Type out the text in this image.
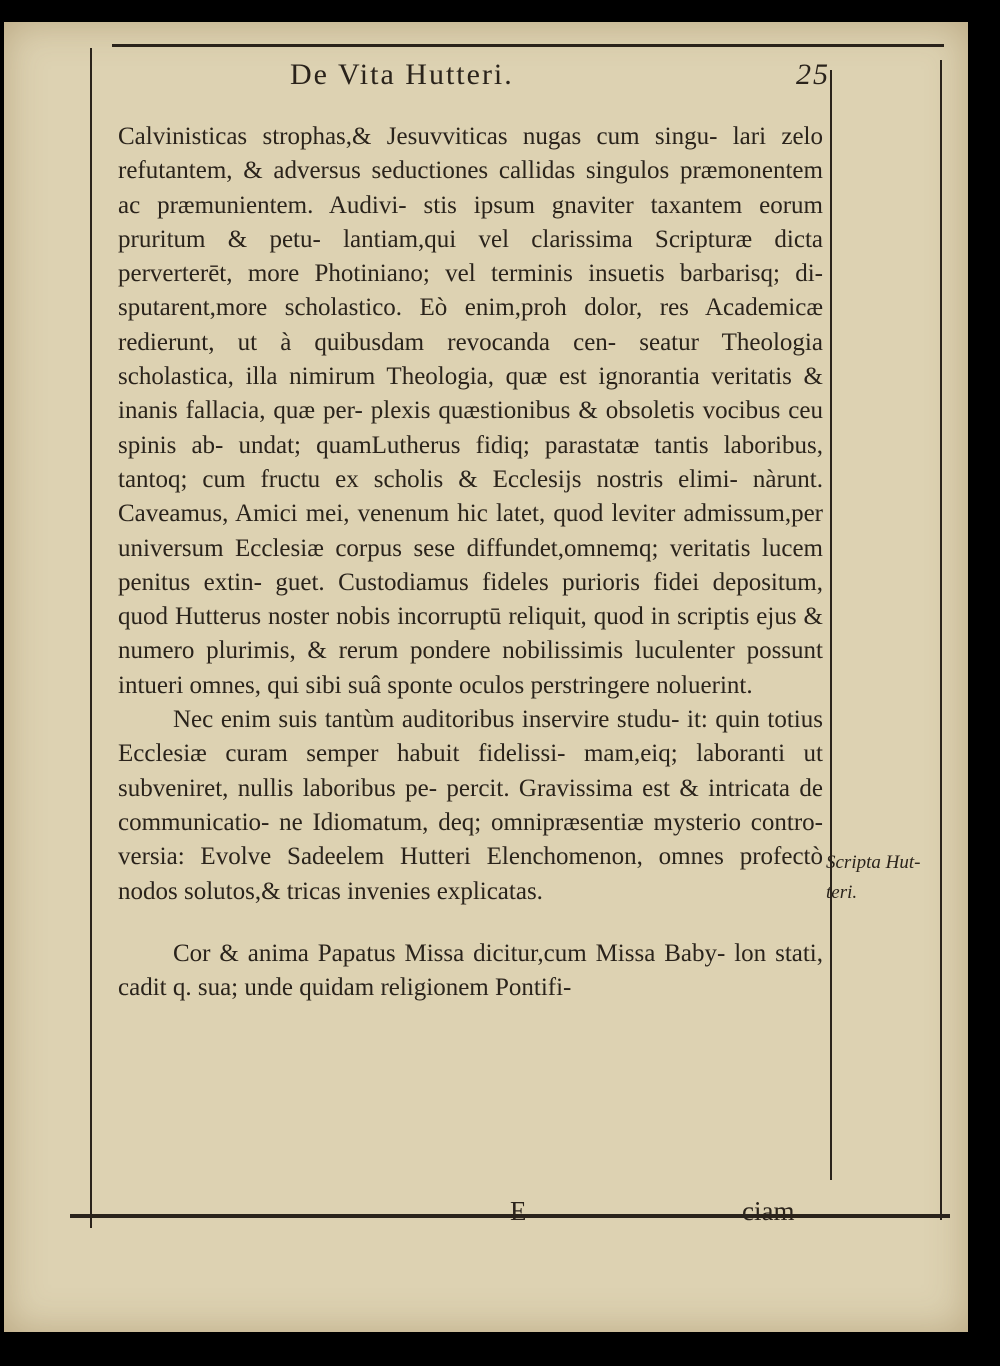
De Vita Hutteri.	25

Calvinisticas strophas,& Jesuvviticas nugas cum singu- lari zelo refutantem, & adversus seductiones callidas singulos præmonentem ac præmunientem. Audivi- stis ipsum gnaviter taxantem eorum pruritum & petu- lantiam,qui vel clarissima Scripturæ dicta perverterēt, more Photiniano; vel terminis insuetis barbarisq; di- sputarent,more scholastico. Eò enim,proh dolor, res Academicæ redierunt, ut à quibusdam revocanda cen- seatur Theologia scholastica, illa nimirum Theologia, quæ est ignorantia veritatis & inanis fallacia, quæ per- plexis quæstionibus & obsoletis vocibus ceu spinis ab- undat; quamLutherus fidiq; parastatæ tantis laboribus, tantoq; cum fructu ex scholis & Ecclesijs nostris elimi- nàrunt. Caveamus, Amici mei, venenum hic latet, quod leviter admissum,per universum Ecclesiæ corpus sese diffundet,omnemq; veritatis lucem penitus extin- guet. Custodiamus fideles purioris fidei depositum, quod Hutterus noster nobis incorruptū reliquit, quod in scriptis ejus & numero plurimis, & rerum pondere nobilissimis luculenter possunt intueri omnes, qui sibi suâ sponte oculos perstringere noluerint.

Nec enim suis tantùm auditoribus inservire studu- it: quin totius Ecclesiæ curam semper habuit fidelissi- mam,eiq; laboranti ut subveniret, nullis laboribus pe- percit. Gravissima est & intricata de communicatio- ne Idiomatum, deq; omnipræsentiæ mysterio contro- versia: Evolve Sadeelem Hutteri Elenchomenon, omnes profectò nodos solutos,& tricas invenies explicatas.

Cor & anima Papatus Missa dicitur,cum Missa Baby- lon stati, cadit q. sua; unde quidam religionem Pontifi-

Scripta Hut-
teri.
E	ciam
